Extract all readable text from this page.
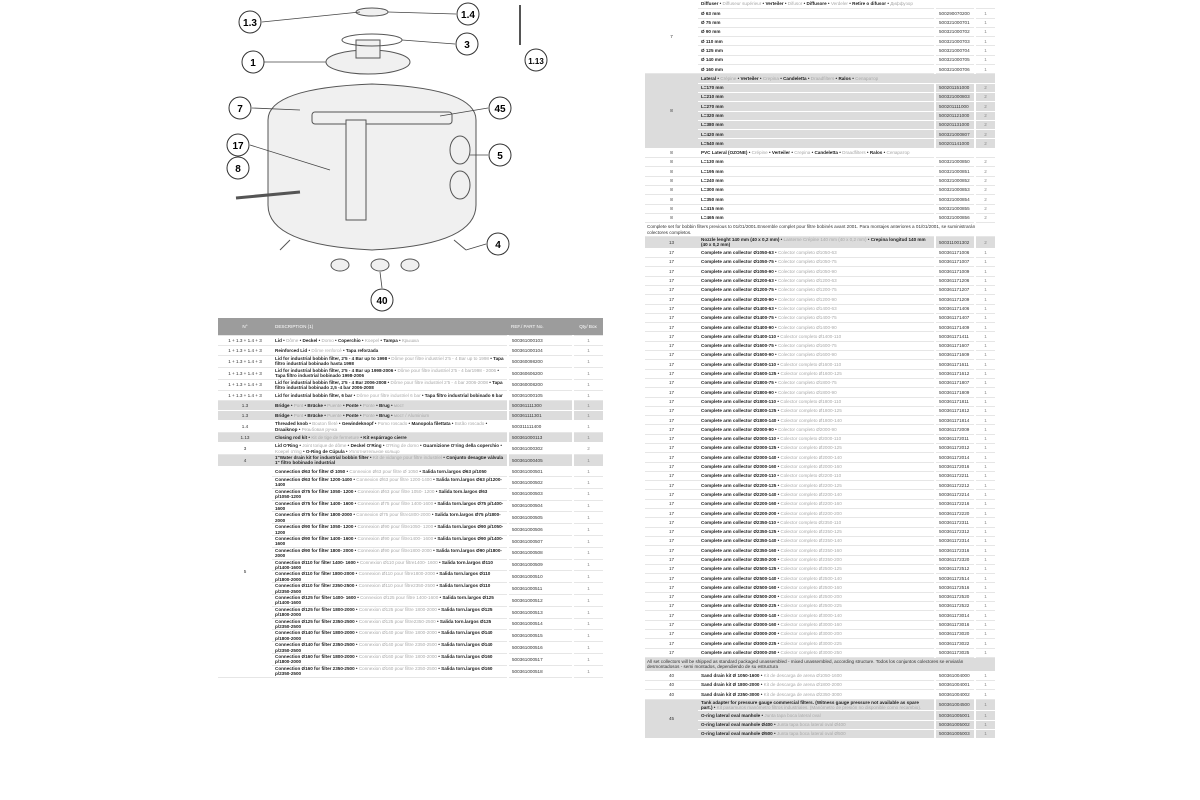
1.3
1.4
3
1
7	45
17
5
8
4
40
1.13
N°	DESCRIPTION (1)	REF./ PART No.	Qty/ Box
1 + 1.3 + 1.4 + 3	Lid • Dôme • Deckel • Domo • Coperchio • Koepel • Tampa • Крышка	500361000103	1
1 + 1.3 + 1.4 + 3	Reinforced Lid • Dôme renforcé • Tapa reforzada	500361000104	1
1 + 1.3 + 1.4 + 3	Lid for industrial bobbin filter, 2'5 - 4 Bar up to 1998 • Dôme pour filtre industriel 2'5 - 4 Bar up to 1998 • Tapa filtro industrial bobinado hasta 1998	500360098200	1
1 + 1.3 + 1.4 + 3	Lid for industrial bobbin filter, 2'5 - 4 Bar up 1998-2006 • Dôme pour filtre industriel 2'5 - 4 bar1998 - 2006 • Tapa filtro industrial bobinado 1998-2006	500360606200	1
1 + 1.3 + 1.4 + 3	Lid for industrial bobbin filter, 2'5 - 4 Bar 2006-2008 • Dôme pour filtre industriel 2'5 - 4 bar 2006-2008 • Tapa filtro industrial bobinado 2,5 -4 bar 2006-2008	500360008200	1
1 + 1.3 + 1.4 + 3	Lid for industrial bobbin filter, 6 bar • Dôme pour filtre industriel 6 bar • Tapa filtro industrial bobinado 6 bar	500361000105	1
1.3	Bridge • Pont • Brücke • Puente • Ponte • Ponte • Brug • мост	500361111300	1
1.3	Bridge • Pont • Brücke • Puente • Ponte • Ponte • Brug • мост / Aluminium	500361111301	1
1.4	Threaded knob • Bouton fileté • Gewindeknopf • Pomo roscado • Manopola filettata • Botão roscado • Draaiknop • Резьбовая ручка	500311111400	1
1.13	Closing rod kit • Kit de tige de fermeture • Kit espárrago cierre	500361000113	1
3	Lid O'Ring • Joint torique de dôme • Deckel O'Ring • O'Ring de domo • Guarnizione O'ring della coperchio • Koepel o'ring • O-Ring de Cúpula • Уплотнительное кольцо	500361000302	2
4	1"Water drain kit for industrial bobbin filter • Kit de vidange pour filtre industriel • Conjunto desagüe válvula 1" filtro bobinado industrial	500361000405	1
5	Connection Ø63 for filter Ø 1050 • Connexion Ø63 pour filtre Ø 1050 • Salida torn.largos Ø63 p/1050	500361000501	1
	Connection Ø63 for filter 1200-1400 • Connexion Ø63 pour filtre 1200-1400 • Salida torn.largos Ø63 p/1200-1400	500361000502	1
	Connection Ø75 for filter 1050- 1200 • Connexion Ø63 pour filtre 1050- 1200 • Salida torn.largos Ø63 p/1050-1200	500361000503	1
	Connection Ø75 for filter 1400- 1600 • Connexion Ø75 pour filtre 1400-1600 • Salida torn.largos Ø75 p/1400-1600	500361000504	1
	Connection Ø75 for filter 1800-2000 • Connexion Ø75 pour filtre1800-2000 • Salida torn.largos Ø75 p/1800-2000	500361000505	1
	Connection Ø90 for filter 1050- 1200 • Connexion Ø90 pour filtre1050- 1200 • Salida torn.largos Ø90 p/1050-1200	500361000506	1
	Connection Ø90 for filter 1400- 1600 • Connexion Ø90 pour filtre1400- 1600 • Salida torn.largos Ø90 p/1400-1600	500361000507	1
	Connection Ø90 for filter 1800- 2000 • Connexion Ø90 pour filtre1800-2000 • Salida torn.largos Ø90 p/1800-2000	500361000508	1
	Connection Ø110 for filter 1400- 1600 • Connexion Ø110 pour filtre1400- 1600 • Salida torn.largos Ø110 p/1400-1600	500361000509	1
	Connection Ø110 for filter 1800-2000 • Connexion Ø110 pour filtre1800-2000 • Salida torn.largos Ø110 p/1800-2000	500361000510	1
	Connection Ø110 for filter 2350-2500 • Connexion Ø110 pour filtre2350-2500 • Salida torn.largos Ø110 p/2350-2500	500361000511	1
	Connection Ø125 for filter 1400- 1600 • Connexion Ø125 pour filtre 1400-1600 • Salida torn.largos Ø125 p/1400-1600	500361000512	1
	Connection Ø125 for filter 1800-2000 • Connexion Ø125 pour filtre 1800-2000 • Salida torn.largos Ø125 p/1800-2000	500361000513	1
	Connection Ø125 for filter 2350-2500 • Connexion Ø125 pour filtre2350-2500 • Salida torn.largos Ø125 p/2350-2500	500361000514	1
	Connection Ø140 for filter 1800-2000 • Connexion Ø140 pour filtre 1800-2000 • Salida torn.largos Ø140 p/1800-2000	500361000515	1
	Connection Ø140 for filter 2350-2500 • Connexion Ø140 pour filtre 2350-2500 • Salida torn.largos Ø140 p/2350-2500	500361000516	1
	Connection Ø160 for filter 1800-2000 • Connexion Ø160 pour filtre 1800-2000 • Salida torn.largos Ø160 p/1800-2000	500361000517	1
	Connection Ø160 for filter 2350-2500 • Connexion Ø160 pour filtre 2350-2500 • Salida torn.largos Ø160 p/2350-2500	500361000518	1
7	Diffuser • Diffuseur supérieur • Verteiler • Difusor • Diffusore • Verdeler • Retire o difusor • Диффузор		
	Ø 63 mm	500290070200	1
	Ø 75 mm	500321000701	1
	Ø 90 mm	500321000702	1
	Ø 110 mm	500321000703	1
	Ø 125 mm	500321000704	1
	Ø 140 mm	500321000705	1
	Ø 160 mm	500321000706	1
8	Lateral • Crépine • Verteiler • Crepina • Candeletta • Draadfilters • Ralos • Сепаратор		
	L=170 mm	500201151000	2
	L=210 mm	500321000803	2
	L=270 mm	500201111000	2
	L=320 mm	500201121000	2
	L=380 mm	500201131000	2
	L=420 mm	500321000807	2
	L=540 mm	500201141000	2
8	PVC Lateral (OZONE) • Crépine • Verteiler • Crepina • Candeletta • Draadfilters • Ralos • Сепаратор		
8	L=130 mm	500321000850	2
8	L=195 mm	500321000851	2
8	L=240 mm	500321000852	2
8	L=300 mm	500321000853	2
8	L=350 mm	500321000854	2
8	L=415 mm	500321000855	2
8	L=465 mm	500321000856	2
Complete set for bobbin filters previous to 01/01/2001.Ensemble complet pour filtre bobinés avant 2001. Para montajes anteriores a 01/01/2001, se suministrarán colectores completos.			
13	Nozzle lenght 140 mm (40 x 0,2 mm) • Lanterne Crépine 140 mm (40 x 0,2 mm) • Crepina longitud 140 mm (40 x 0,2 mm)	500311001302	2
17	Complete arm collector Ø1050-63 • Colector completo Ø1050-63	500361171006	1
17	Complete arm collector Ø1050-75 • Colector completo Ø1050-75	500361171007	1
17	Complete arm collector Ø1050-90 • Colector completo Ø1050-90	500361171009	1
17	Complete arm collector Ø1200-63 • Colector completo Ø1200-63	500361171206	1
17	Complete arm collector Ø1200-75 • Colector completo Ø1200-75	500361171207	1
17	Complete arm collector Ø1200-90 • Colector completo Ø1200-90	500361171209	1
17	Complete arm collector Ø1400-63 • Colector completo Ø1400-63	500361171406	1
17	Complete arm collector Ø1400-75 • Colector completo Ø1400-75	500361171407	1
17	Complete arm collector Ø1400-90 • Colector completo Ø1400-90	500361171409	1
17	Complete arm collector Ø1400-110 • Colector completo Ø1400-110	500361171411	1
17	Complete arm collector Ø1600-75 • Colector completo Ø1600-75	500361171607	1
17	Complete arm collector Ø1600-90 • Colector completo Ø1600-90	500361171609	1
17	Complete arm collector Ø1600-110 • Colector completo Ø1600-110	500361171611	1
17	Complete arm collector Ø1600-125 • Colector completo Ø1600-125	500361171612	1
17	Complete arm collector Ø1800-75 • Colector completo Ø1800-75	500361171807	1
17	Complete arm collector Ø1800-90 • Colector completo Ø1800-90	500361171809	1
17	Complete arm collector Ø1800-110 • Colector completo Ø1800-110	500361171811	1
17	Complete arm collector Ø1800-125 • Colector completo Ø1800-125	500361171812	1
17	Complete arm collector Ø1800-140 • Colector completo Ø1800-140	500361171814	1
17	Complete arm collector Ø2000-90 • Colector completo Ø2000-90	500361172009	1
17	Complete arm collector Ø2000-110 • Colector completo Ø2000-110	500361172011	1
17	Complete arm collector Ø2000-125 • Colector completo Ø2000-125	500361172012	1
17	Complete arm collector Ø2000-140 • Colector completo Ø2000-140	500361172014	1
17	Complete arm collector Ø2000-160 • Colector completo Ø2000-160	500361172016	1
17	Complete arm collector Ø2200-110 • Colector completo Ø2200-110	500361172211	1
17	Complete arm collector Ø2200-125 • Colector completo Ø2200-125	500361172212	1
17	Complete arm collector Ø2200-140 • Colector completo Ø2200-140	500361172214	1
17	Complete arm collector Ø2200-160 • Colector completo Ø2200-160	500361172216	1
17	Complete arm collector Ø2200-200 • Colector completo Ø2200-200	500361172220	1
17	Complete arm collector Ø2350-110 • Colector completo Ø2350-110	500361172311	1
17	Complete arm collector Ø2350-125 • Colector completo Ø2350-125	500361172312	1
17	Complete arm collector Ø2350-140 • Colector completo Ø2350-140	500361172314	1
17	Complete arm collector Ø2350-160 • Colector completo Ø2350-160	500361172316	1
17	Complete arm collector Ø2350-200 • Colector completo Ø2350-200	500361172320	1
17	Complete arm collector Ø2500-125 • Colector completo Ø2500-125	500361172512	1
17	Complete arm collector Ø2500-140 • Colector completo Ø2500-140	500361172514	1
17	Complete arm collector Ø2500-160 • Colector completo Ø2500-160	500361172516	1
17	Complete arm collector Ø2500-200 • Colector completo Ø2500-200	500361172520	1
17	Complete arm collector Ø2500-225 • Colector completo Ø2500-225	500361172522	1
17	Complete arm collector Ø3000-140 • Colector completo Ø3000-140	500361173014	1
17	Complete arm collector Ø3000-160 • Colector completo Ø3000-160	500361173016	1
17	Complete arm collector Ø3000-200 • Colector completo Ø3000-200	500361173020	1
17	Complete arm collector Ø3000-225 • Colector completo Ø3000-225	500361173022	1
17	Complete arm collector Ø3000-250 • Colector completo Ø3000-250	500361173025	1
All set collectors will be shipped as standard packaged unassembled - mixed unassembled, according structure. Todos los conjuntos colectores se enviarán desmontadosos - semi montados, dependiendo de su estructura			
40	Sand drain kit Ø 1050-1600 • Kit de descarga de arena Ø1050-1600	500361004000	1
40	Sand drain kit Ø 1800-2000 • Kit de descarga de arena Ø1800-2000	500361004001	1
40	Sand drain kit Ø 2350-3000 • Kit de descarga de arena Ø2350-3000	500361004002	1
45	Tank adapter for pressure gauge commercial filters. (Witness gauge pressure not available as spare part.) • Kit pasamuros manómetro filtros industriales. (Manómetro de presión no disponible como recambio).	500361004500	1
	O-ring lateral oval manhole • Junta tapa boca lateral oval	500361005001	1
	O-ring lateral oval manhole Ø400 • Junta tapa boca lateral oval Ø400	500361005002	1
	O-ring lateral oval manhole Ø500 • Junta tapa boca lateral oval Ø500	500361005003	1
